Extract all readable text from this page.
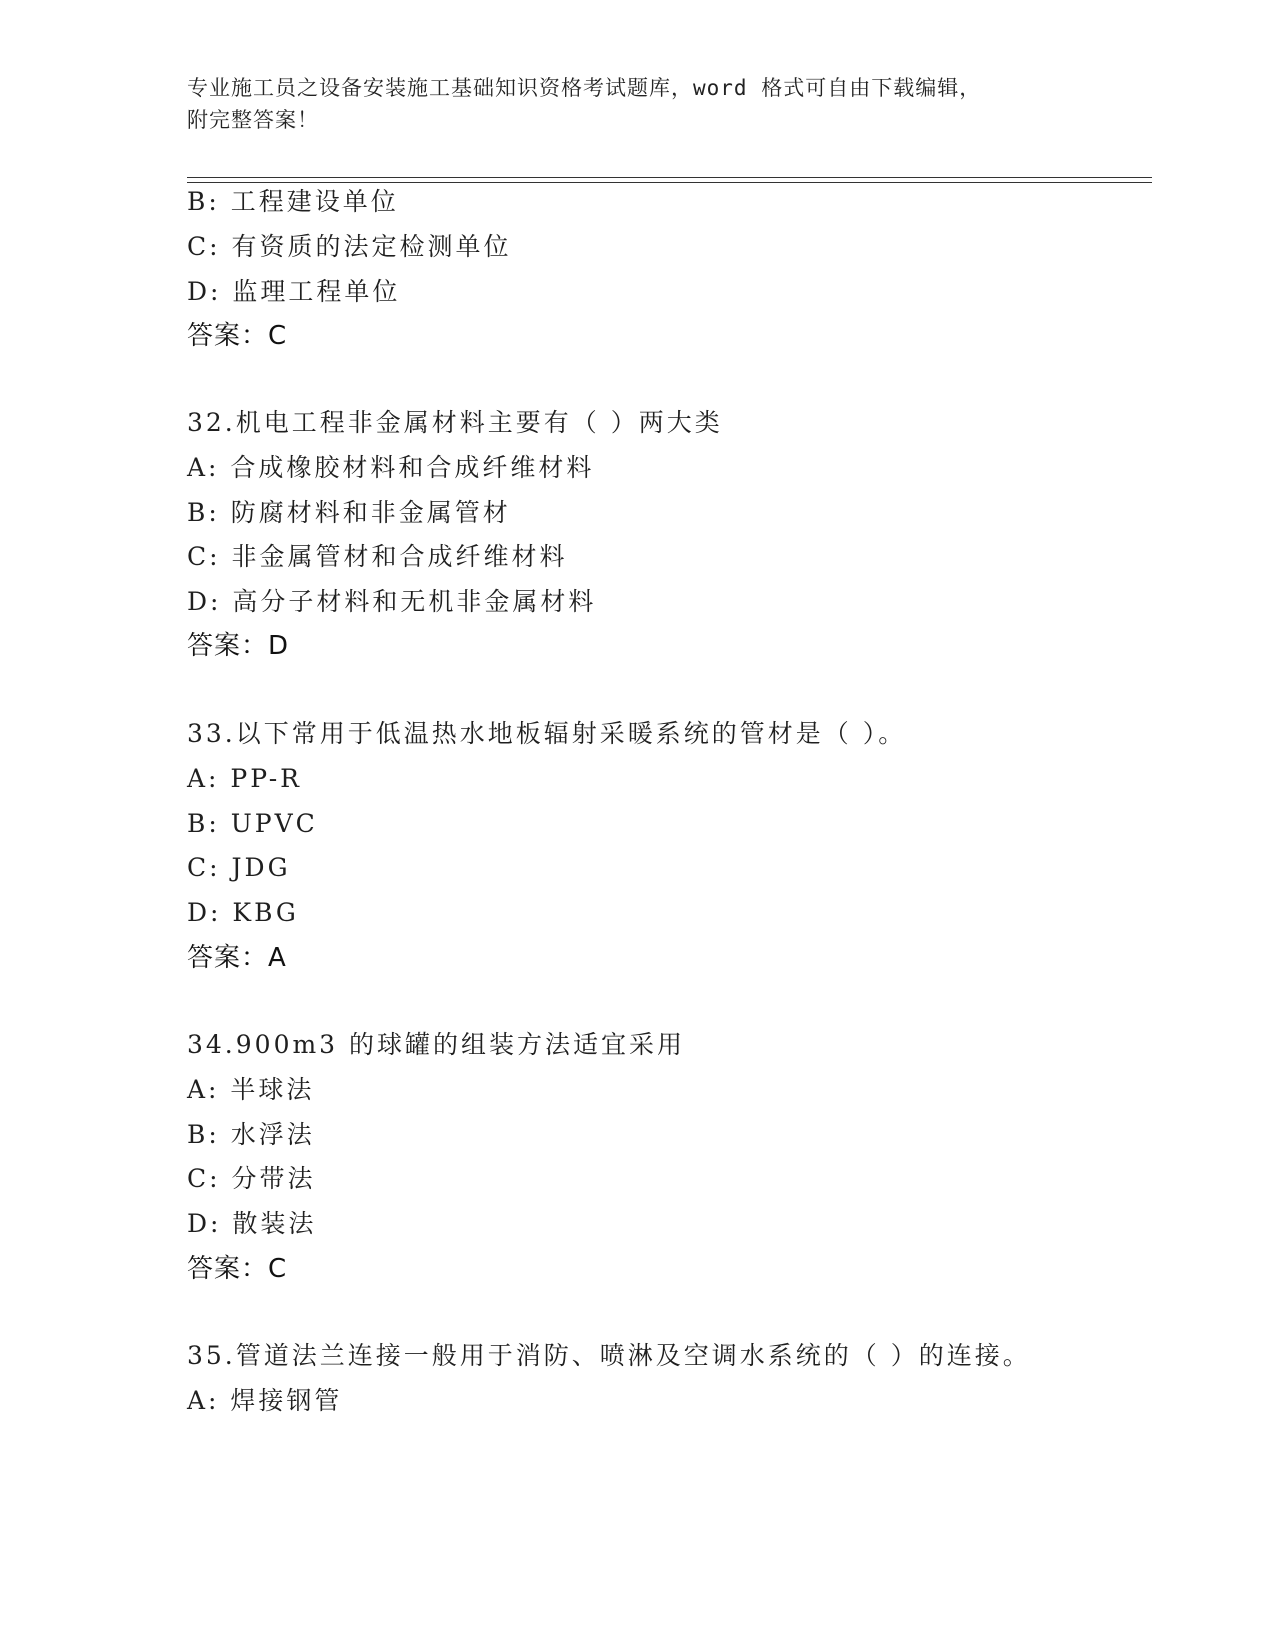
专业施工员之设备安装施工基础知识资格考试题库，word 格式可自由下载编辑，
附完整答案！
B: 工程建设单位
C: 有资质的法定检测单位
D: 监理工程单位
答案：C
32.机电工程非金属材料主要有（ ）两大类
A: 合成橡胶材料和合成纤维材料
B: 防腐材料和非金属管材
C: 非金属管材和合成纤维材料
D: 高分子材料和无机非金属材料
答案：D
33.以下常用于低温热水地板辐射采暖系统的管材是（ ）。
A: PP-R
B: UPVC
C: JDG
D: KBG
答案：A
34.900m3 的球罐的组装方法适宜采用
A: 半球法
B: 水浮法
C: 分带法
D: 散装法
答案：C
35.管道法兰连接一般用于消防、喷淋及空调水系统的（ ）的连接。
A: 焊接钢管
